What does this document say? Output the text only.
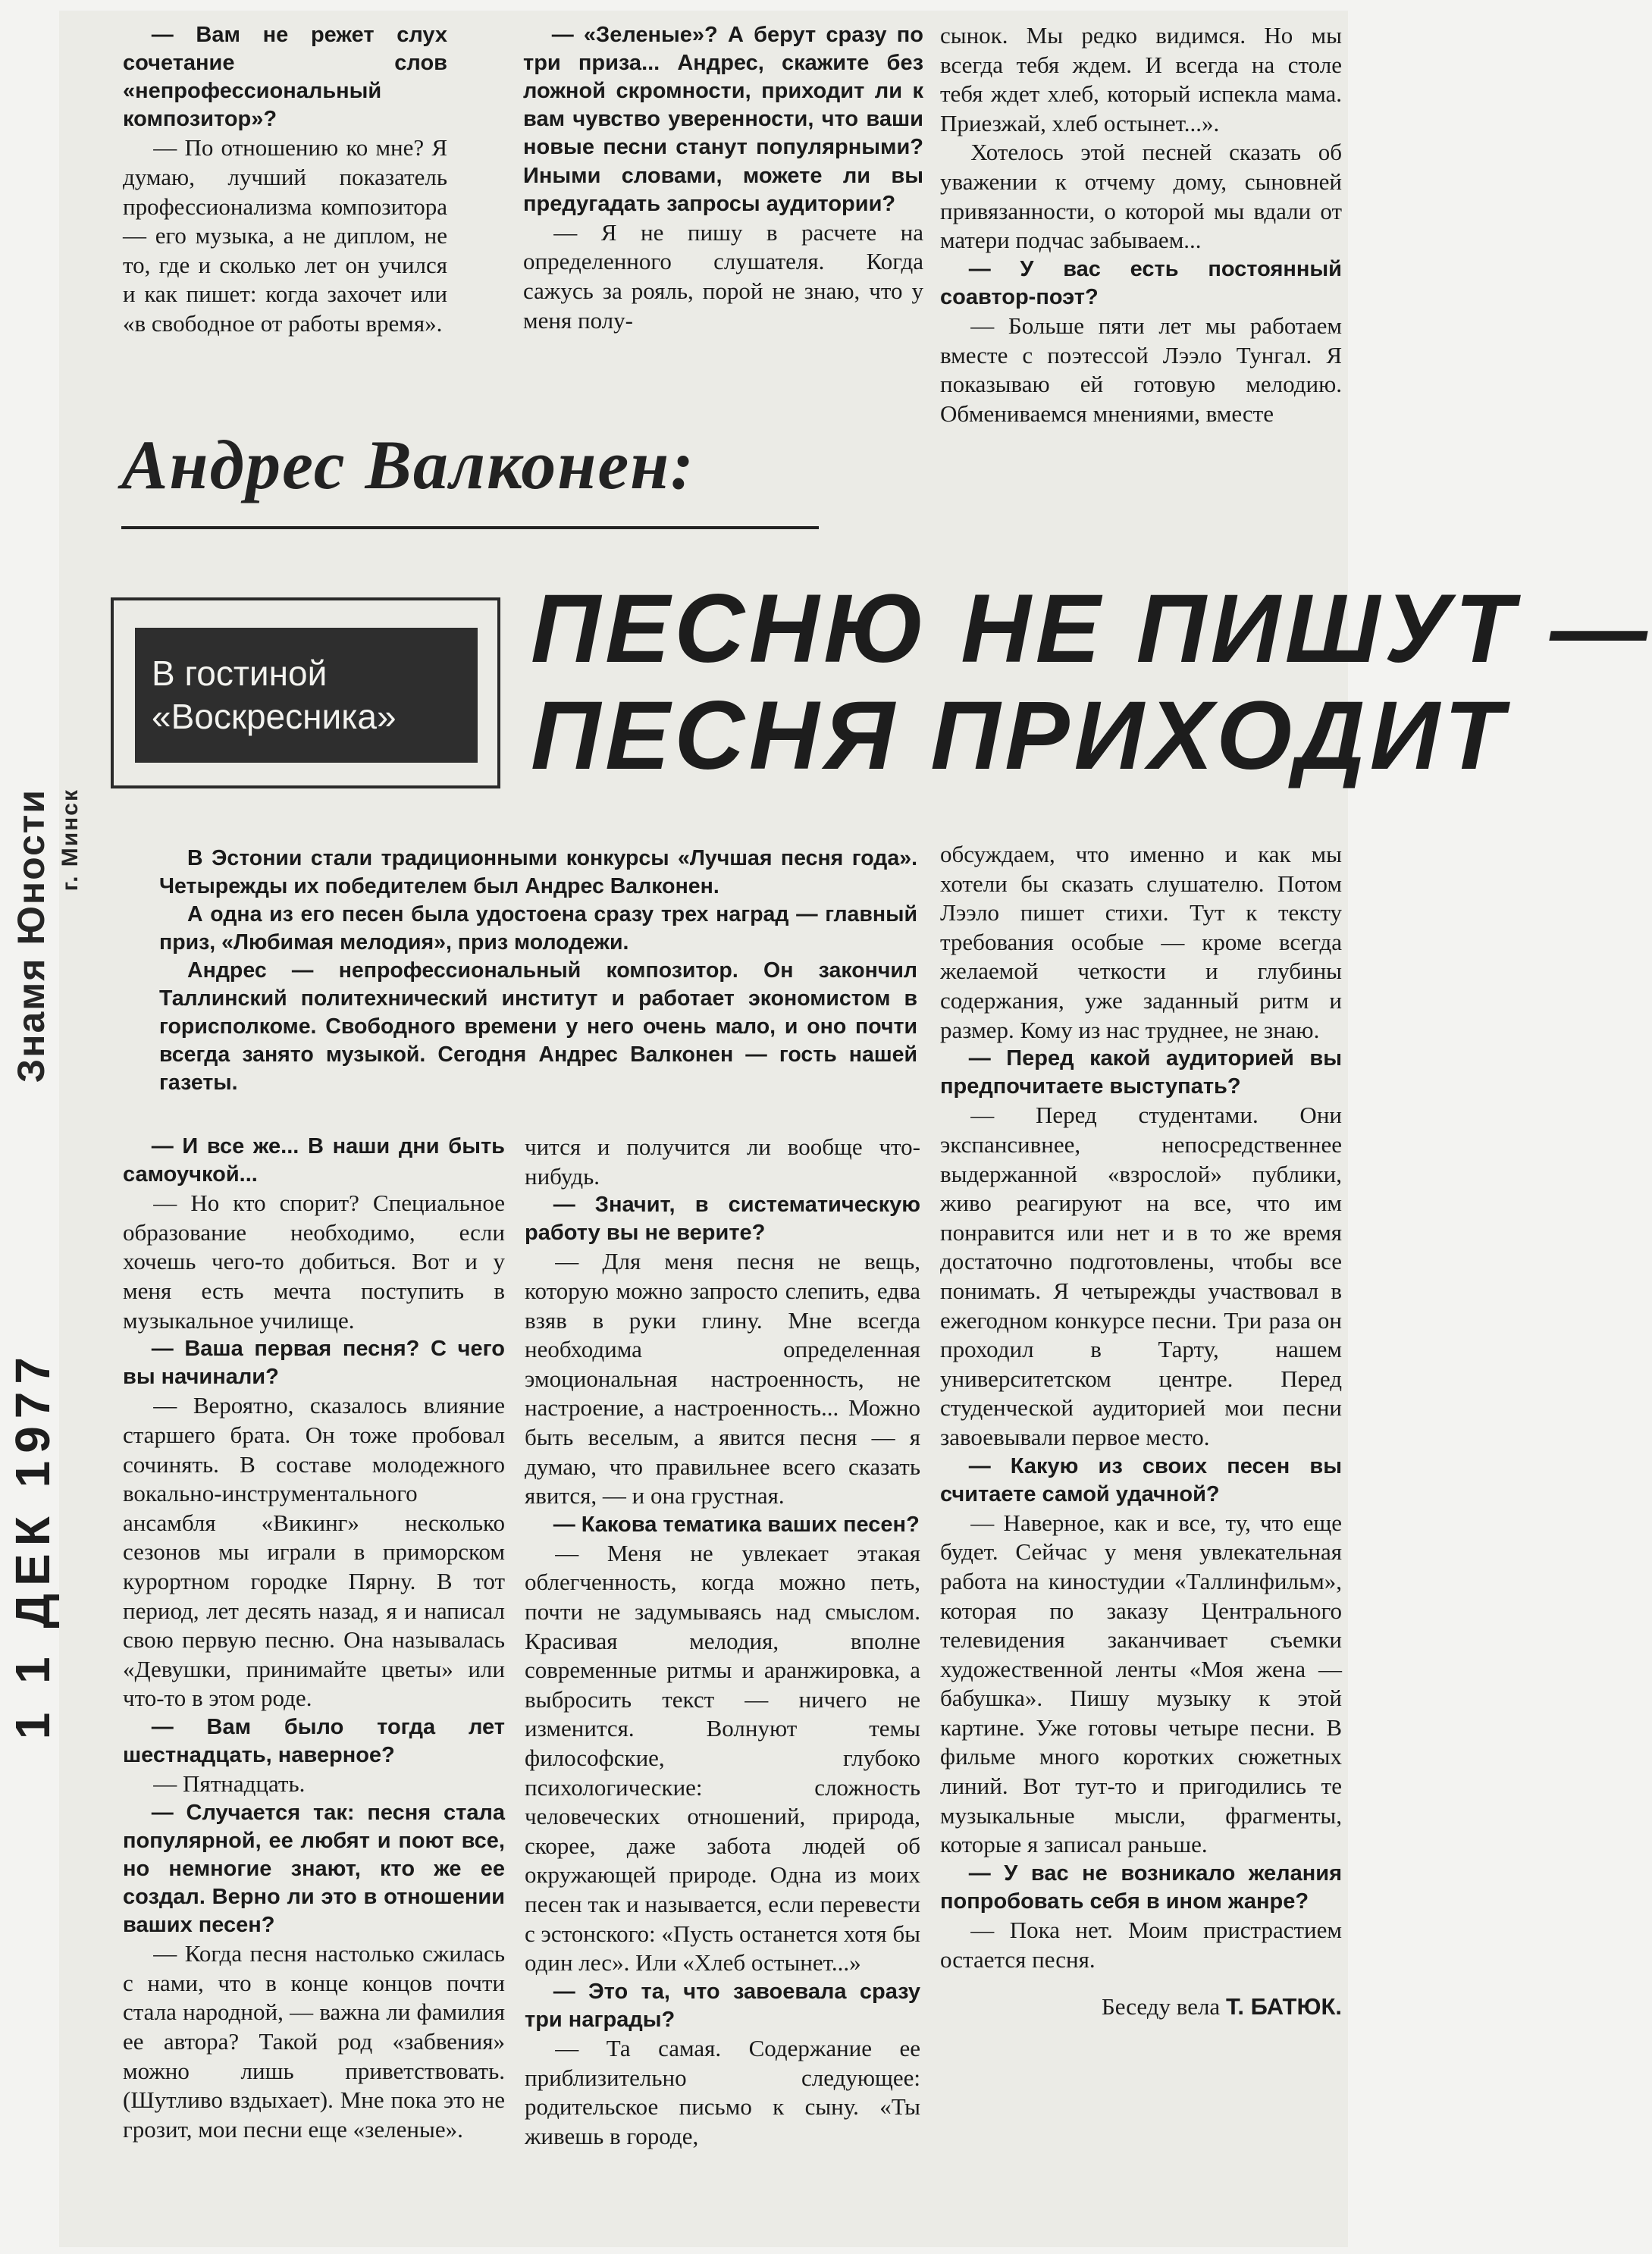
— Вам не режет слух сочетание слов «непрофессиональный композитор»?

— По отношению ко мне? Я думаю, лучший показатель профессионализма композитора — его музыка, а не диплом, не то, где и сколько лет он учился и как пишет: когда захочет или «в свободное от работы время».

— «Зеленые»? А берут сразу по три приза... Андрес, скажите без ложной скромности, приходит ли к вам чувство уверенности, что ваши новые песни станут популярными? Иными словами, можете ли вы предугадать запросы аудитории?

— Я не пишу в расчете на определенного слушателя. Когда сажусь за рояль, порой не знаю, что у меня полу-

сынок. Мы редко видимся. Но мы всегда тебя ждем. И всегда на столе тебя ждет хлеб, который испекла мама. Приезжай, хлеб остынет...».

Хотелось этой песней сказать об уважении к отчему дому, сыновней привязанности, о которой мы вдали от матери подчас забываем...

— У вас есть постоянный соавтор-поэт?

— Больше пяти лет мы работаем вместе с поэтессой Лээло Тунгал. Я показываю ей готовую мелодию. Обмениваемся мнениями, вместе

Андрес Валконен:
В гостиной
«Воскресника»
ПЕСНЮ НЕ ПИШУТ —
ПЕСНЯ ПРИХОДИТ
Знамя Юности г. Минск
1 1 ДЕК 1977

В Эстонии стали традиционными конкурсы «Лучшая песня года». Четырежды их победителем был Андрес Валконен.

А одна из его песен была удостоена сразу трех наград — главный приз, «Любимая мелодия», приз молодежи.

Андрес — непрофессиональный композитор. Он закончил Таллинский политехнический институт и работает экономистом в горисполкоме. Свободного времени у него очень мало, и оно почти всегда занято музыкой. Сегодня Андрес Валконен — гость нашей газеты.

— И все же... В наши дни быть самоучкой...

— Но кто спорит? Специальное образование необходимо, если хочешь чего-то добиться. Вот и у меня есть мечта поступить в музыкальное училище.

— Ваша первая песня? С чего вы начинали?

— Вероятно, сказалось влияние старшего брата. Он тоже пробовал сочинять. В составе молодежного вокально-инструментального ансамбля «Викинг» несколько сезонов мы играли в приморском курортном городке Пярну. В тот период, лет десять назад, я и написал свою первую песню. Она называлась «Девушки, принимайте цветы» или что-то в этом роде.

— Вам было тогда лет шестнадцать, наверное?

— Пятнадцать.

— Случается так: песня стала популярной, ее любят и поют все, но немногие знают, кто же ее создал. Верно ли это в отношении ваших песен?

— Когда песня настолько сжилась с нами, что в конце концов почти стала народной, — важна ли фамилия ее автора? Такой род «забвения» можно лишь приветствовать. (Шутливо вздыхает). Мне пока это не грозит, мои песни еще «зеленые».

чится и получится ли вообще что-нибудь.

— Значит, в систематическую работу вы не верите?

— Для меня песня не вещь, которую можно запросто слепить, едва взяв в руки глину. Мне всегда необходима определенная эмоциональная настроенность, не настроение, а настроенность... Можно быть веселым, а явится песня — я думаю, что правильнее всего сказать явится, — и она грустная.

— Какова тематика ваших песен?

— Меня не увлекает этакая облегченность, когда можно петь, почти не задумываясь над смыслом. Красивая мелодия, вполне современные ритмы и аранжировка, а выбросить текст — ничего не изменится. Волнуют темы философские, глубоко психологические: сложность человеческих отношений, природа, скорее, даже забота людей об окружающей природе. Одна из моих песен так и называется, если перевести с эстонского: «Пусть останется хотя бы один лес». Или «Хлеб остынет...»

— Это та, что завоевала сразу три награды?

— Та самая. Содержание ее приблизительно следующее: родительское письмо к сыну. «Ты живешь в городе,

обсуждаем, что именно и как мы хотели бы сказать слушателю. Потом Лээло пишет стихи. Тут к тексту требования особые — кроме всегда желаемой четкости и глубины содержания, уже заданный ритм и размер. Кому из нас труднее, не знаю.

— Перед какой аудиторией вы предпочитаете выступать?

— Перед студентами. Они экспансивнее, непосредственнее выдержанной «взрослой» публики, живо реагируют на все, что им понравится или нет и в то же время достаточно подготовлены, чтобы все понимать. Я четырежды участвовал в ежегодном конкурсе песни. Три раза он проходил в Тарту, нашем университетском центре. Перед студенческой аудиторией мои песни завоевывали первое место.

— Какую из своих песен вы считаете самой удачной?

— Наверное, как и все, ту, что еще будет. Сейчас у меня увлекательная работа на киностудии «Таллинфильм», которая по заказу Центрального телевидения заканчивает съемки художественной ленты «Моя жена — бабушка». Пишу музыку к этой картине. Уже готовы четыре песни. В фильме много коротких сюжетных линий. Вот тут-то и пригодились те музыкальные мысли, фрагменты, которые я записал раньше.

— У вас не возникало желания попробовать себя в ином жанре?

— Пока нет. Моим пристрастием остается песня.

Беседу вела Т. БАТЮК.
